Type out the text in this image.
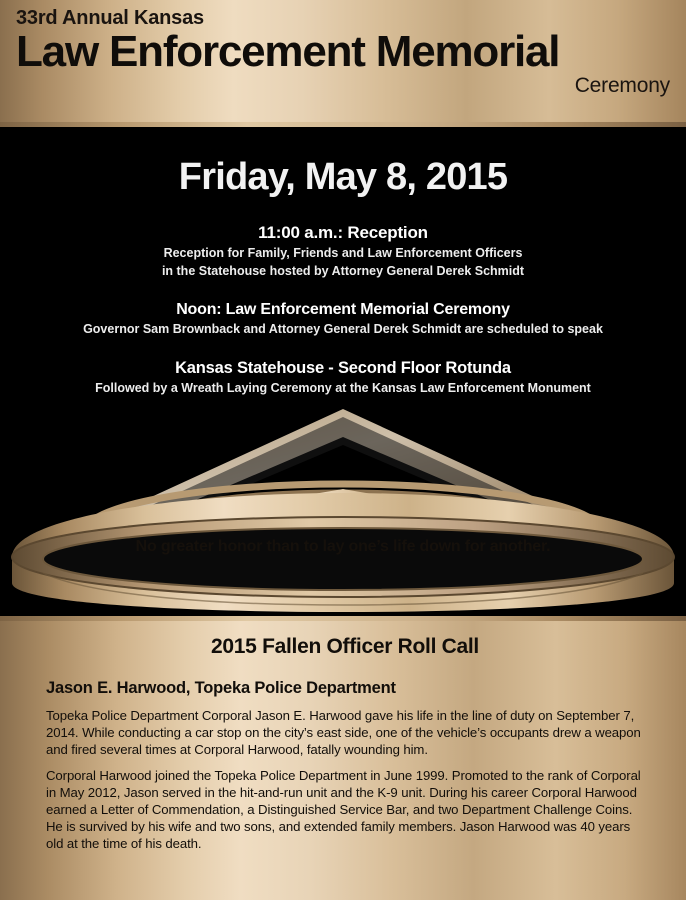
33rd Annual Kansas
Law Enforcement Memorial
Ceremony
Friday, May 8, 2015
11:00 a.m.: Reception
Reception for Family, Friends and Law Enforcement Officers
in the Statehouse hosted by Attorney General Derek Schmidt
Noon: Law Enforcement Memorial Ceremony
Governor Sam Brownback and Attorney General Derek Schmidt are scheduled to speak
Kansas Statehouse - Second Floor Rotunda
Followed by a Wreath Laying Ceremony at the Kansas Law Enforcement Monument
No greater honor than to lay one’s life down for another.
2015 Fallen Officer Roll Call
Jason E. Harwood, Topeka Police Department
Topeka Police Department Corporal Jason E. Harwood gave his life in the line of duty on September 7, 2014. While conducting a car stop on the city’s east side, one of the vehicle’s occupants drew a weapon and fired several times at Corporal Harwood, fatally wounding him.
Corporal Harwood joined the Topeka Police Department in June 1999. Promoted to the rank of Corporal in May 2012, Jason served in the hit-and-run unit and the K-9 unit. During his career Corporal Harwood earned a Letter of Commendation, a Distinguished Service Bar, and two Department Challenge Coins. He is survived by his wife and two sons, and extended family members. Jason Harwood was 40 years old at the time of his death.
